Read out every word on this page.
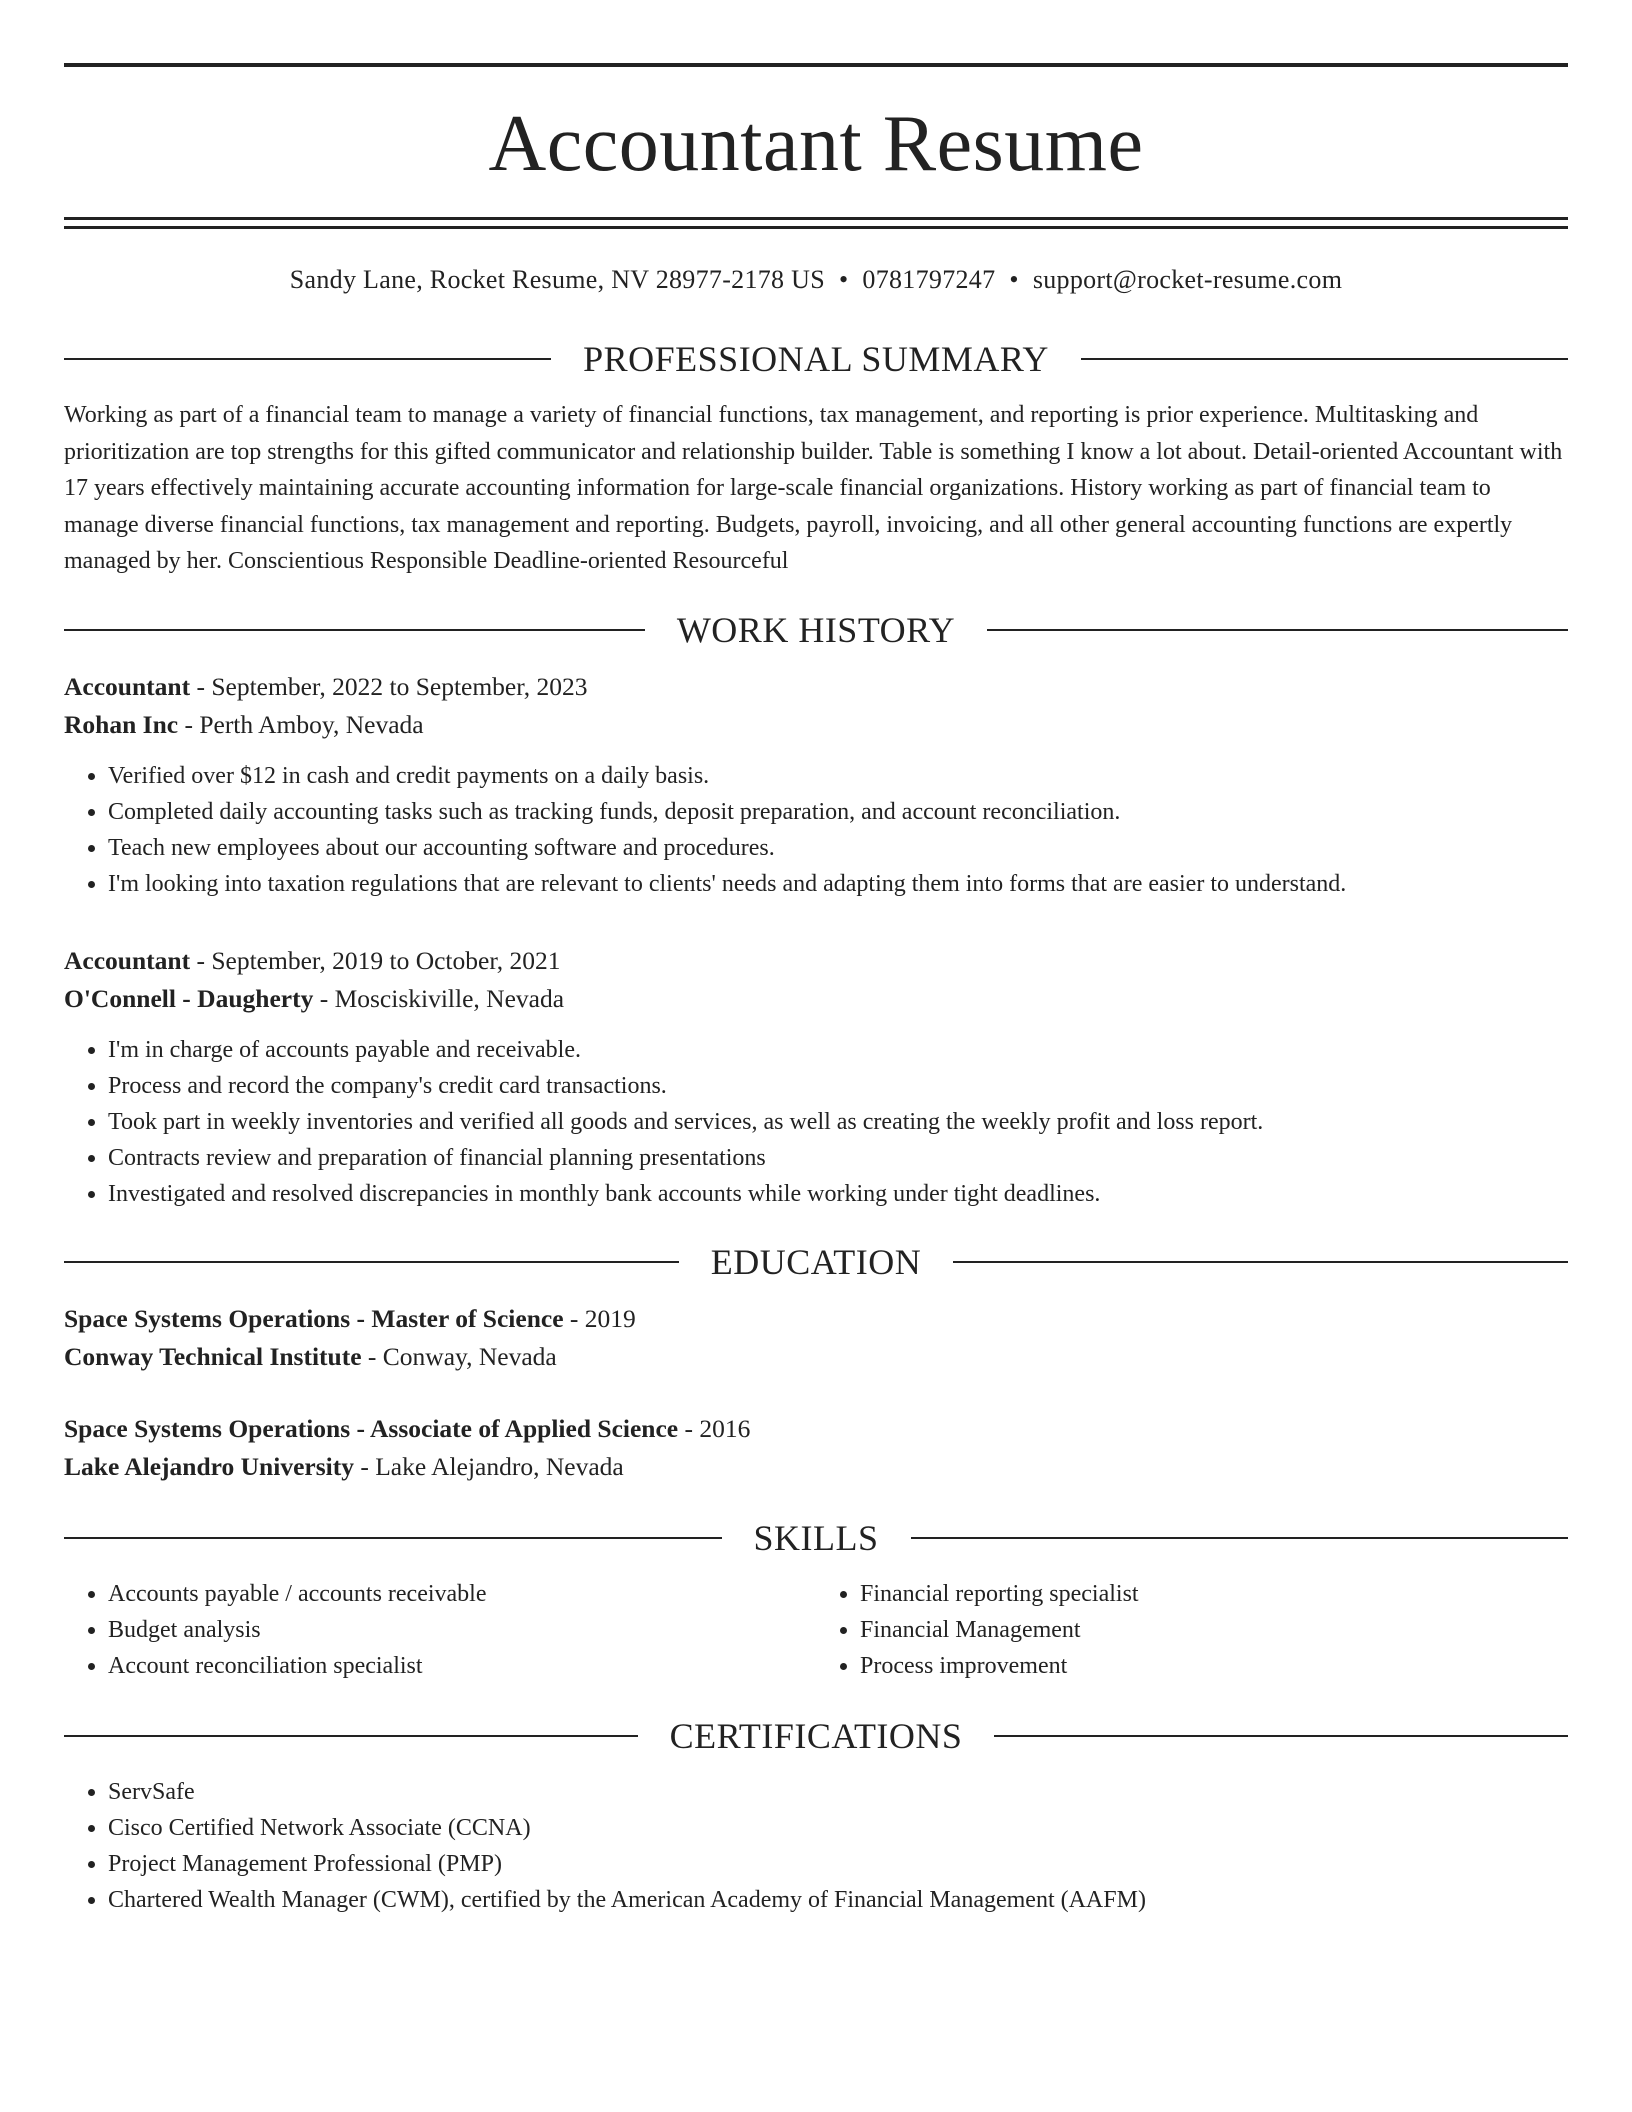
Accountant Resume
Sandy Lane, Rocket Resume, NV 28977-2178 US • 0781797247 • support@rocket-resume.com
PROFESSIONAL SUMMARY

Working as part of a financial team to manage a variety of financial functions, tax management, and reporting is prior experience. Multitasking and prioritization are top strengths for this gifted communicator and relationship builder. Table is something I know a lot about. Detail-oriented Accountant with 17 years effectively maintaining accurate accounting information for large-scale financial organizations. History working as part of financial team to manage diverse financial functions, tax management and reporting. Budgets, payroll, invoicing, and all other general accounting functions are expertly managed by her. Conscientious Responsible Deadline-oriented Resourceful

WORK HISTORY
Accountant - September, 2022 to September, 2023
Rohan Inc - Perth Amboy, Nevada
• Verified over $12 in cash and credit payments on a daily basis.
• Completed daily accounting tasks such as tracking funds, deposit preparation, and account reconciliation.
• Teach new employees about our accounting software and procedures.
• I'm looking into taxation regulations that are relevant to clients' needs and adapting them into forms that are easier to understand.
Accountant - September, 2019 to October, 2021
O'Connell - Daugherty - Mosciskiville, Nevada
• I'm in charge of accounts payable and receivable.
• Process and record the company's credit card transactions.
• Took part in weekly inventories and verified all goods and services, as well as creating the weekly profit and loss report.
• Contracts review and preparation of financial planning presentations
• Investigated and resolved discrepancies in monthly bank accounts while working under tight deadlines.
EDUCATION
Space Systems Operations - Master of Science - 2019
Conway Technical Institute - Conway, Nevada
Space Systems Operations - Associate of Applied Science - 2016
Lake Alejandro University - Lake Alejandro, Nevada
SKILLS
• Accounts payable / accounts receivable
• Budget analysis
• Account reconciliation specialist
• Financial reporting specialist
• Financial Management
• Process improvement
CERTIFICATIONS
• ServSafe
• Cisco Certified Network Associate (CCNA)
• Project Management Professional (PMP)
• Chartered Wealth Manager (CWM), certified by the American Academy of Financial Management (AAFM)
